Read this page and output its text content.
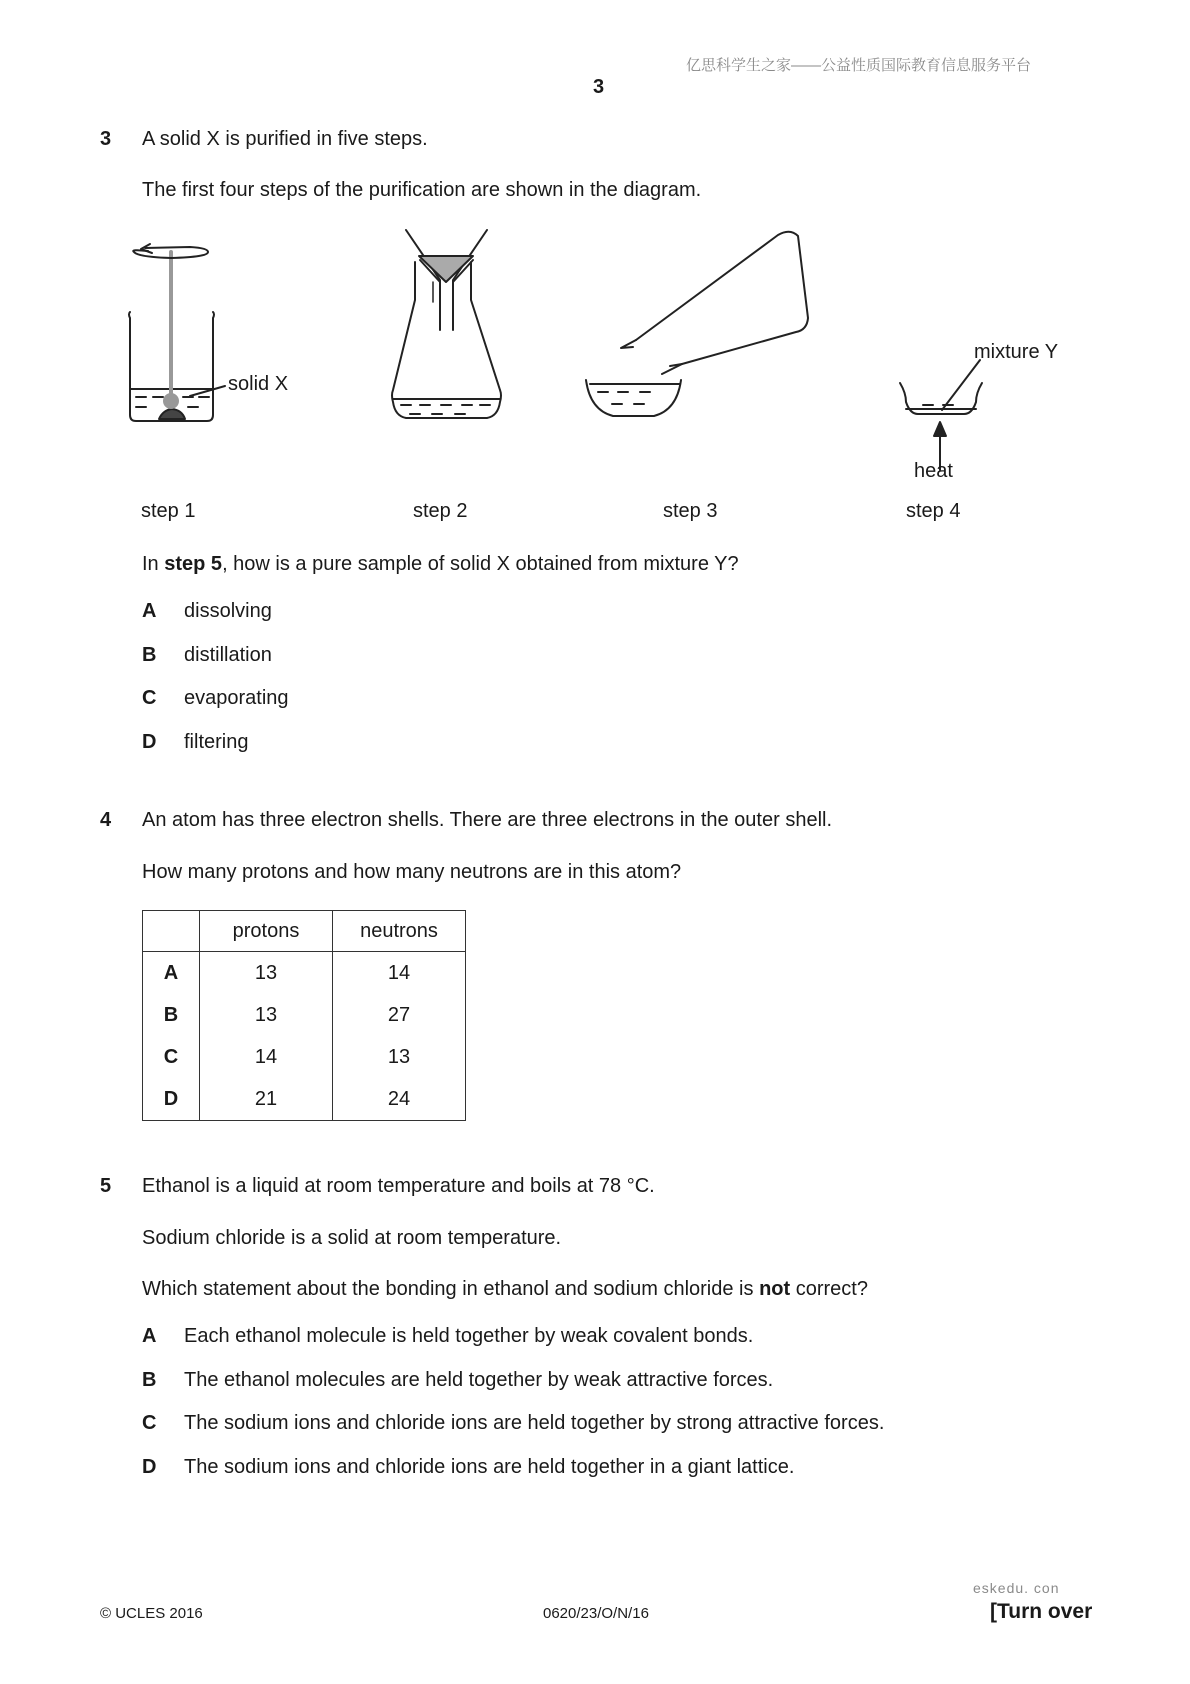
亿思科学生之家——公益性质国际教育信息服务平台
3
3 A solid X is purified in five steps.
The first four steps of the purification are shown in the diagram.
solid X
mixture Y
heat
step 1	step 2	step 3	step 4
In step 5, how is a pure sample of solid X obtained from mixture Y?
A dissolving
B distillation
C evaporating
D filtering
4 An atom has three electron shells. There are three electrons in the outer shell.
How many protons and how many neutrons are in this atom?
	protons	neutrons
A	13	14
B	13	27
C	14	13
D	21	24
5 Ethanol is a liquid at room temperature and boils at 78 °C.
Sodium chloride is a solid at room temperature.
Which statement about the bonding in ethanol and sodium chloride is not correct?
A Each ethanol molecule is held together by weak covalent bonds.
B The ethanol molecules are held together by weak attractive forces.
C The sodium ions and chloride ions are held together by strong attractive forces.
D The sodium ions and chloride ions are held together in a giant lattice.
eskedu. con
© UCLES 2016	0620/23/O/N/16	[Turn over
